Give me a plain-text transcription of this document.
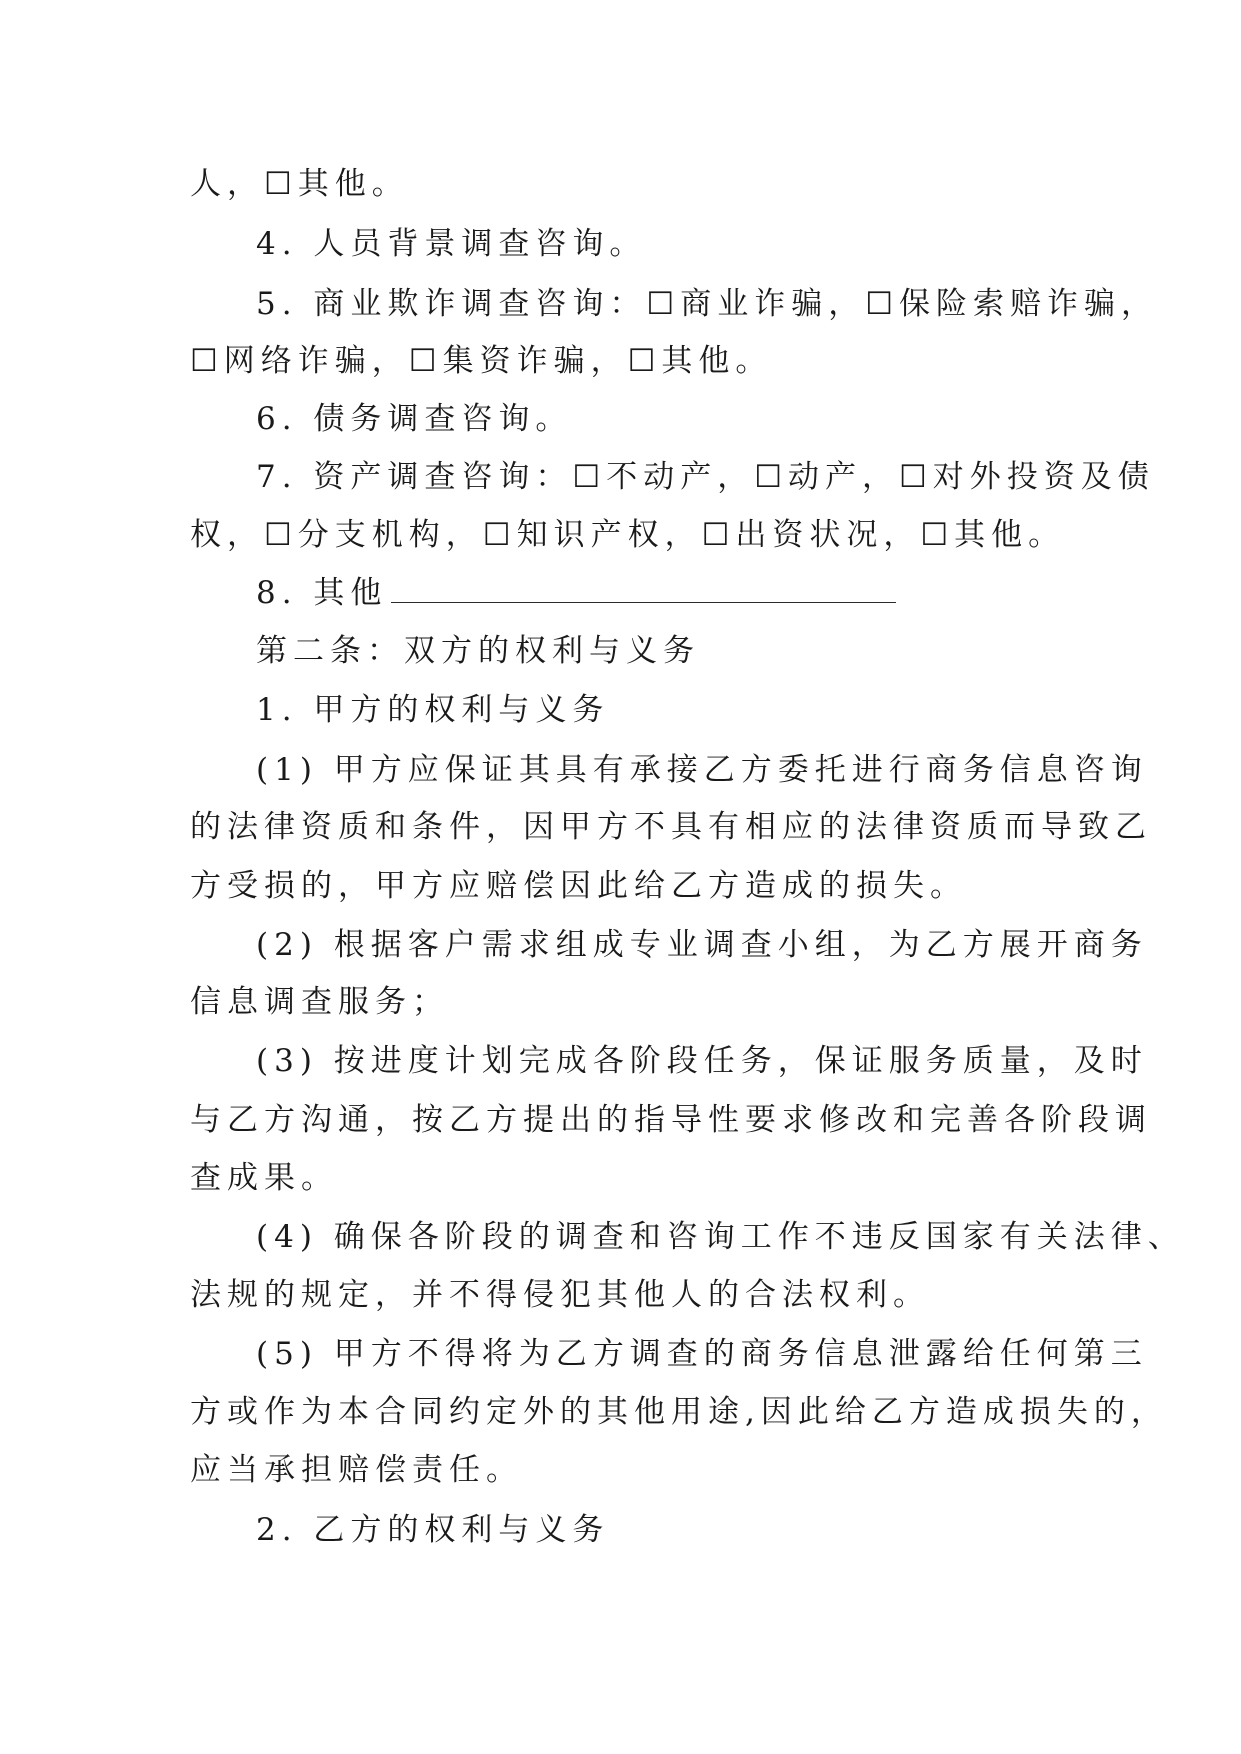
人，☐其他。
4. 人员背景调查咨询。
5. 商业欺诈调查咨询：☐商业诈骗，☐保险索赔诈骗，
☐网络诈骗，☐集资诈骗，☐其他。
6. 债务调查咨询。
7. 资产调查咨询：☐不动产，☐动产，☐对外投资及债
权，☐分支机构，☐知识产权，☐出资状况，☐其他。
8. 其他
第二条：双方的权利与义务
1. 甲方的权利与义务
(1) 甲方应保证其具有承接乙方委托进行商务信息咨询
的法律资质和条件，因甲方不具有相应的法律资质而导致乙
方受损的，甲方应赔偿因此给乙方造成的损失。
(2) 根据客户需求组成专业调查小组，为乙方展开商务
信息调查服务；
(3) 按进度计划完成各阶段任务，保证服务质量，及时
与乙方沟通，按乙方提出的指导性要求修改和完善各阶段调
查成果。
(4) 确保各阶段的调查和咨询工作不违反国家有关法律、
法规的规定，并不得侵犯其他人的合法权利。
(5) 甲方不得将为乙方调查的商务信息泄露给任何第三
方或作为本合同约定外的其他用途,因此给乙方造成损失的，
应当承担赔偿责任。
2. 乙方的权利与义务
